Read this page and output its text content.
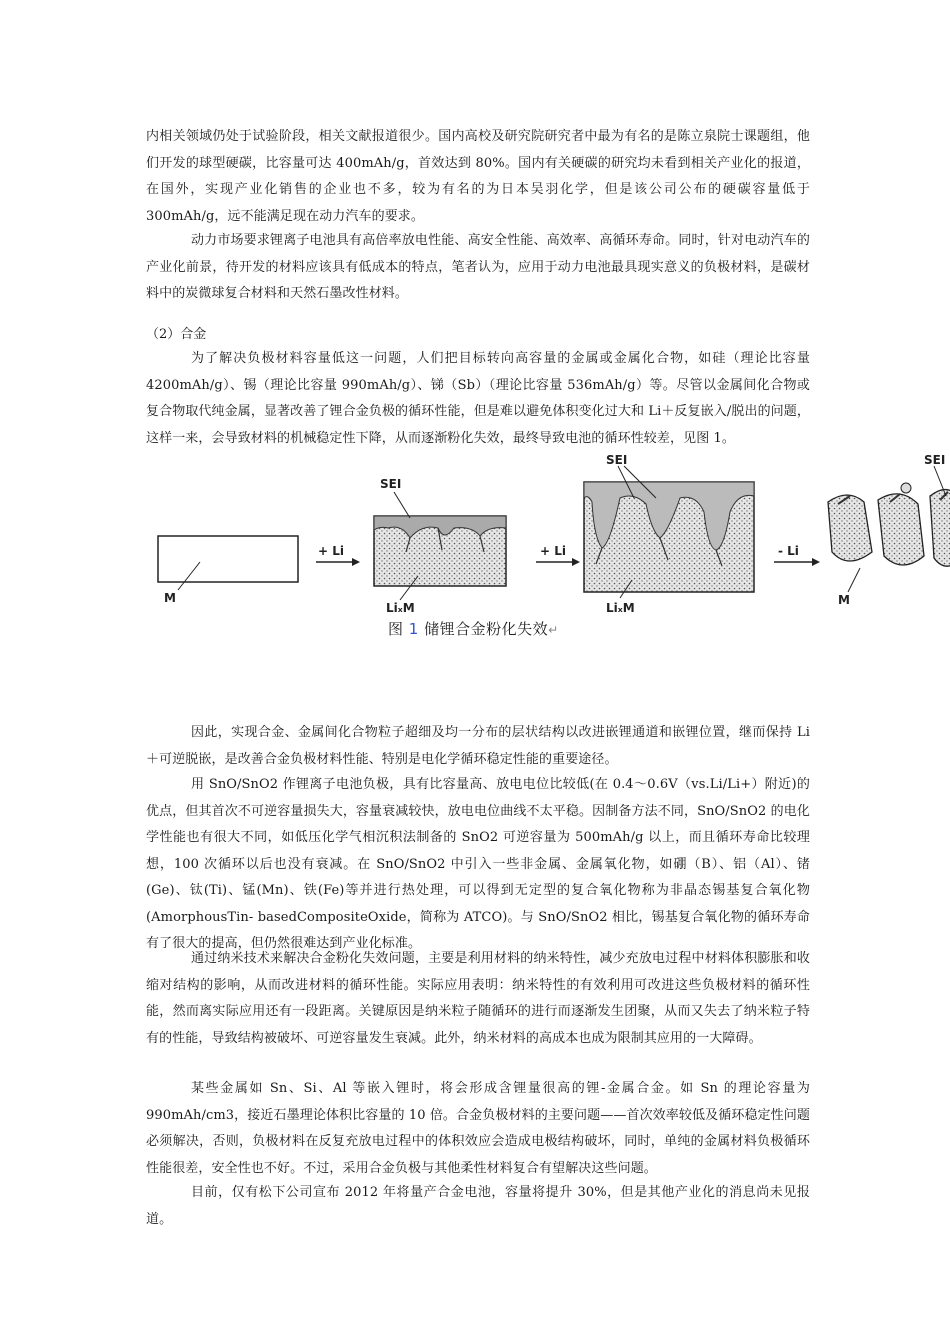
内相关领域仍处于试验阶段，相关文献报道很少。国内高校及研究院研究者中最为有名的是陈立泉院士课题组，他们开发的球型硬碳，比容量可达 400mAh/g，首效达到 80%。国内有关硬碳的研究均未看到相关产业化的报道，在国外，实现产业化销售的企业也不多，较为有名的为日本吴羽化学，但是该公司公布的硬碳容量低于 300mAh/g，远不能满足现在动力汽车的要求。

动力市场要求锂离子电池具有高倍率放电性能、高安全性能、高效率、高循环寿命。同时，针对电动汽车的产业化前景，待开发的材料应该具有低成本的特点，笔者认为，应用于动力电池最具现实意义的负极材料，是碳材料中的炭微球复合材料和天然石墨改性材料。

（2）合金

为了解决负极材料容量低这一问题，人们把目标转向高容量的金属或金属化合物，如硅（理论比容量 4200mAh/g）、锡（理论比容量 990mAh/g）、锑（Sb）（理论比容量 536mAh/g）等。尽管以金属间化合物或复合物取代纯金属，显著改善了锂合金负极的循环性能，但是难以避免体积变化过大和 Li＋反复嵌入/脱出的问题，这样一来，会导致材料的机械稳定性下降，从而逐渐粉化失效，最终导致电池的循环性较差，见图 1。

M
+ Li
SEI
LiₓM
+ Li
SEI
LiₓM
- Li
SEI
M
图 1 储锂合金粉化失效↵

因此，实现合金、金属间化合物粒子超细及均一分布的层状结构以改进嵌锂通道和嵌锂位置，继而保持 Li＋可逆脱嵌，是改善合金负极材料性能、特别是电化学循环稳定性能的重要途径。

用 SnO/SnO2 作锂离子电池负极，具有比容量高、放电电位比较低(在 0.4～0.6V（vs.Li/Li+）附近)的优点，但其首次不可逆容量损失大，容量衰减较快，放电电位曲线不太平稳。因制备方法不同，SnO/SnO2 的电化学性能也有很大不同，如低压化学气相沉积法制备的 SnO2 可逆容量为 500mAh/g 以上，而且循环寿命比较理想，100 次循环以后也没有衰减。在 SnO/SnO2 中引入一些非金属、金属氧化物，如硼（B）、铝（Al）、锗(Ge)、钛(Ti)、锰(Mn)、铁(Fe)等并进行热处理，可以得到无定型的复合氧化物称为非晶态锡基复合氧化物(AmorphousTin- basedCompositeOxide，简称为 ATCO)。与 SnO/SnO2 相比，锡基复合氧化物的循环寿命有了很大的提高，但仍然很难达到产业化标准。

通过纳米技术来解决合金粉化失效问题，主要是利用材料的纳米特性，减少充放电过程中材料体积膨胀和收缩对结构的影响，从而改进材料的循环性能。实际应用表明：纳米特性的有效利用可改进这些负极材料的循环性能，然而离实际应用还有一段距离。关键原因是纳米粒子随循环的进行而逐渐发生团聚，从而又失去了纳米粒子特有的性能，导致结构被破坏、可逆容量发生衰减。此外，纳米材料的高成本也成为限制其应用的一大障碍。

某些金属如 Sn、Si、Al 等嵌入锂时，将会形成含锂量很高的锂-金属合金。如 Sn 的理论容量为 990mAh/cm3，接近石墨理论体积比容量的 10 倍。合金负极材料的主要问题——首次效率较低及循环稳定性问题必须解决，否则，负极材料在反复充放电过程中的体积效应会造成电极结构破坏，同时，单纯的金属材料负极循环性能很差，安全性也不好。不过，采用合金负极与其他柔性材料复合有望解决这些问题。

目前，仅有松下公司宣布 2012 年将量产合金电池，容量将提升 30%，但是其他产业化的消息尚未见报道。
